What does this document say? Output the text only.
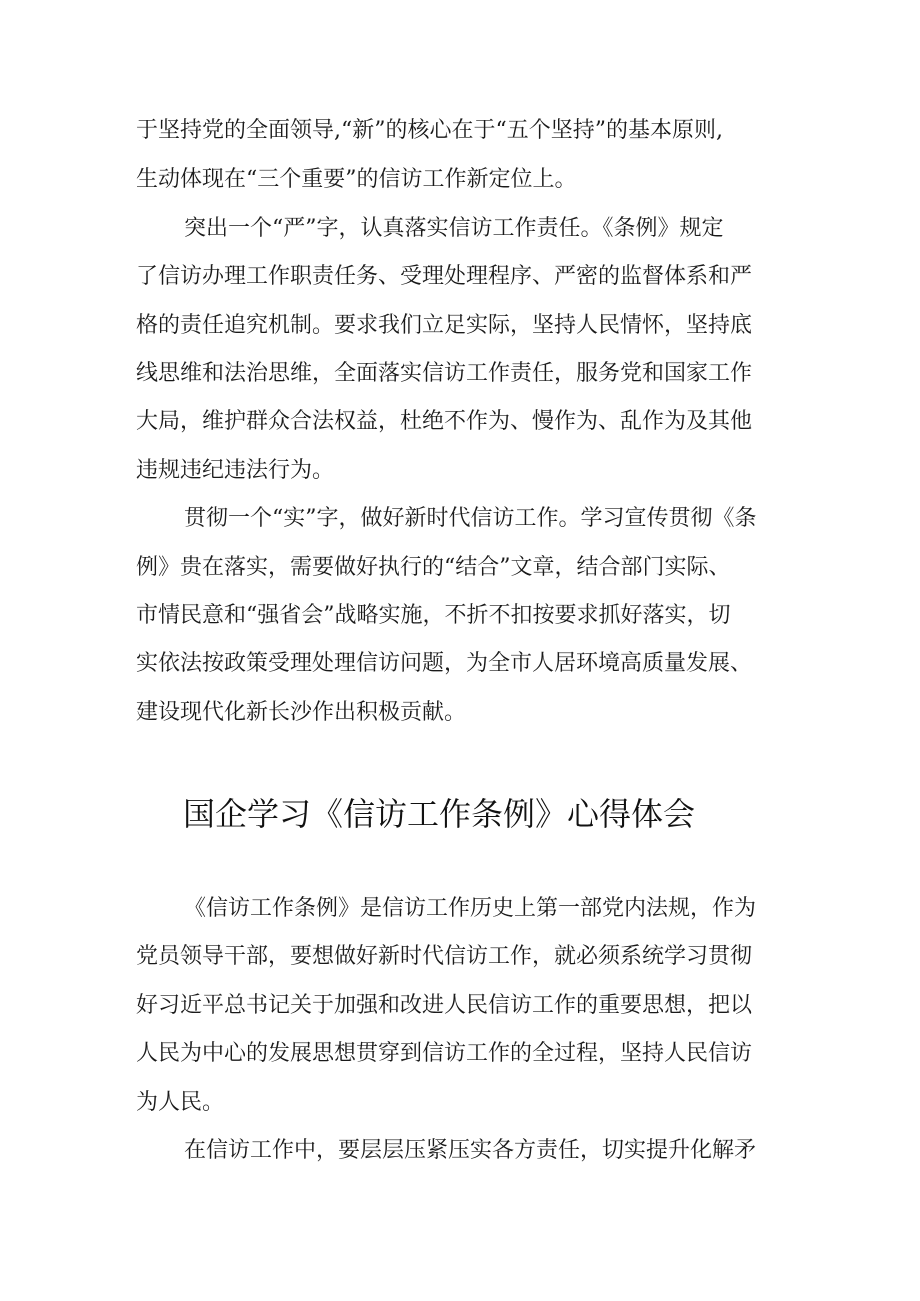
于坚持党的全面领导,“新”的核心在于“五个坚持”的基本原则,
生动体现在“三个重要”的信访工作新定位上。
突出一个“严”字，认真落实信访工作责任。《条例》规定
了信访办理工作职责任务、受理处理程序、严密的监督体系和严
格的责任追究机制。要求我们立足实际，坚持人民情怀，坚持底
线思维和法治思维，全面落实信访工作责任，服务党和国家工作
大局，维护群众合法权益，杜绝不作为、慢作为、乱作为及其他
违规违纪违法行为。
贯彻一个“实”字，做好新时代信访工作。学习宣传贯彻《条
例》贵在落实，需要做好执行的“结合”文章，结合部门实际、
市情民意和“强省会”战略实施，不折不扣按要求抓好落实，切
实依法按政策受理处理信访问题，为全市人居环境高质量发展、
建设现代化新长沙作出积极贡献。
国企学习《信访工作条例》心得体会
《信访工作条例》是信访工作历史上第一部党内法规，作为
党员领导干部，要想做好新时代信访工作，就必须系统学习贯彻
好习近平总书记关于加强和改进人民信访工作的重要思想，把以
人民为中心的发展思想贯穿到信访工作的全过程，坚持人民信访
为人民。
在信访工作中，要层层压紧压实各方责任，切实提升化解矛
